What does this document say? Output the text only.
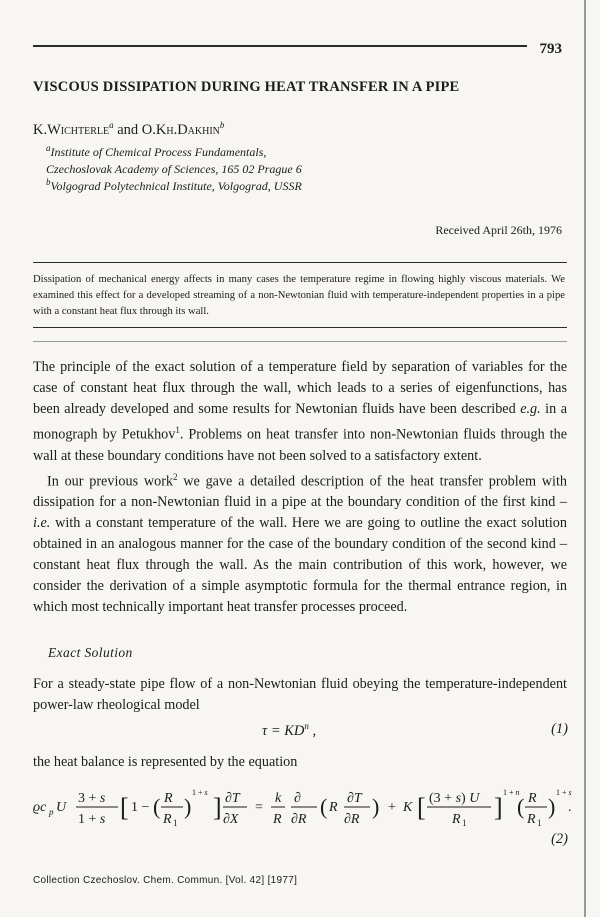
793
VISCOUS DISSIPATION DURING HEAT TRANSFER IN A PIPE
K.Wichterle$^a$ and O.Kh.Dakhin$^b$
$^a$Institute of Chemical Process Fundamentals,
Czechoslovak Academy of Sciences, 165 02 Prague 6
$^b$Volgograd Polytechnical Institute, Volgograd, USSR
Received April 26th, 1976
Dissipation of mechanical energy affects in many cases the temperature regime in flowing highly viscous materials. We examined this effect for a developed streaming of a non-Newtonian fluid with temperature-independent properties in a pipe with a constant heat flux through its wall.

The principle of the exact solution of a temperature field by separation of variables for the case of constant heat flux through the wall, which leads to a series of eigenfunctions, has been already developed and some results for Newtonian fluids have been described e.g. in a monograph by Petukhov$^1$. Problems on heat transfer into non-Newtonian fluids through the wall at these boundary conditions have not been solved to a satisfactory extent.

In our previous work$^2$ we gave a detailed description of the heat transfer problem with dissipation for a non-Newtonian fluid in a pipe at the boundary condition of the first kind – i.e. with a constant temperature of the wall. Here we are going to outline the exact solution obtained in an analogous manner for the case of the boundary condition of the second kind – constant heat flux through the wall. As the main contribution of this work, however, we consider the derivation of a simple asymptotic formula for the thermal entrance region, in which most technically important heat transfer processes proceed.

Exact Solution
For a steady-state pipe flow of a non-Newtonian fluid obeying the temperature-independent power-law rheological model
$\tau = KD^n$ ,	(1)
the heat balance is represented by the equation
ϱc p U
3 + s
1 + s [ 1 − ( R
R 1
)
1 + s
] ∂T
∂X
=
k
R
∂
∂R
( R
∂T
∂R
) + K [ (3 + s) U
R 1
]
1 + n
( R
R 1
)
1 + s
.
(2)
Collection Czechoslov. Chem. Commun. [Vol. 42] [1977]
